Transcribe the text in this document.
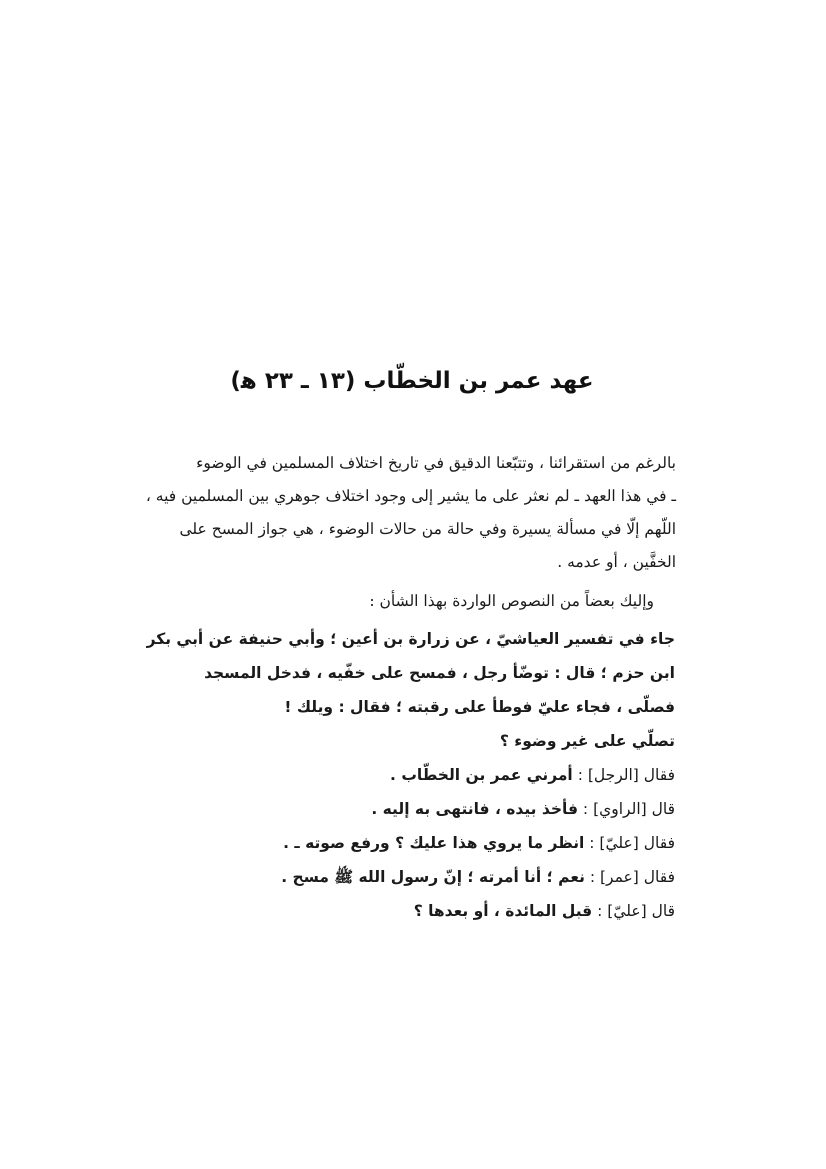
عهد عمر بن الخطّاب (١٣ ـ ٢٣ ﻫ)
بالرغم من استقرائنا ، وتتبّعنا الدقيق في تاريخ اختلاف المسلمين في الوضوء
ـ في هذا العهد ـ لم نعثر على ما يشير إلى وجود اختلاف جوهري بين المسلمين فيه ،
اللّهم إلّا في مسألة يسيرة وفي حالة من حالات الوضوء ، هي جواز المسح على
الخفَّين ، أو عدمه .
وإليك بعضاً من النصوص الواردة بهذا الشأن :
جاء في تفسير العياشيّ ، عن زرارة بن أعين ؛ وأبي حنيفة عن أبي بكر
ابن حزم ؛ قال : توضّأ رجل ، فمسح على خفّيه ، فدخل المسجد
فصلّى ، فجاء عليّ فوطأ على رقبته ؛ فقال : ويلك !
تصلّي على غير وضوء ؟
فقال [الرجل] : أمرني عمر بن الخطّاب .
قال [الراوي] : فأخذ بيده ، فانتهى به إليه .
فقال [عليّ] : انظر ما يروي هذا عليك ؟ ورفع صوته ـ .
فقال [عمر] : نعم ؛ أنا أمرته ؛ إنّ رسول الله ﷺ مسح .
قال [عليّ] : قبل المائدة ، أو بعدها ؟
